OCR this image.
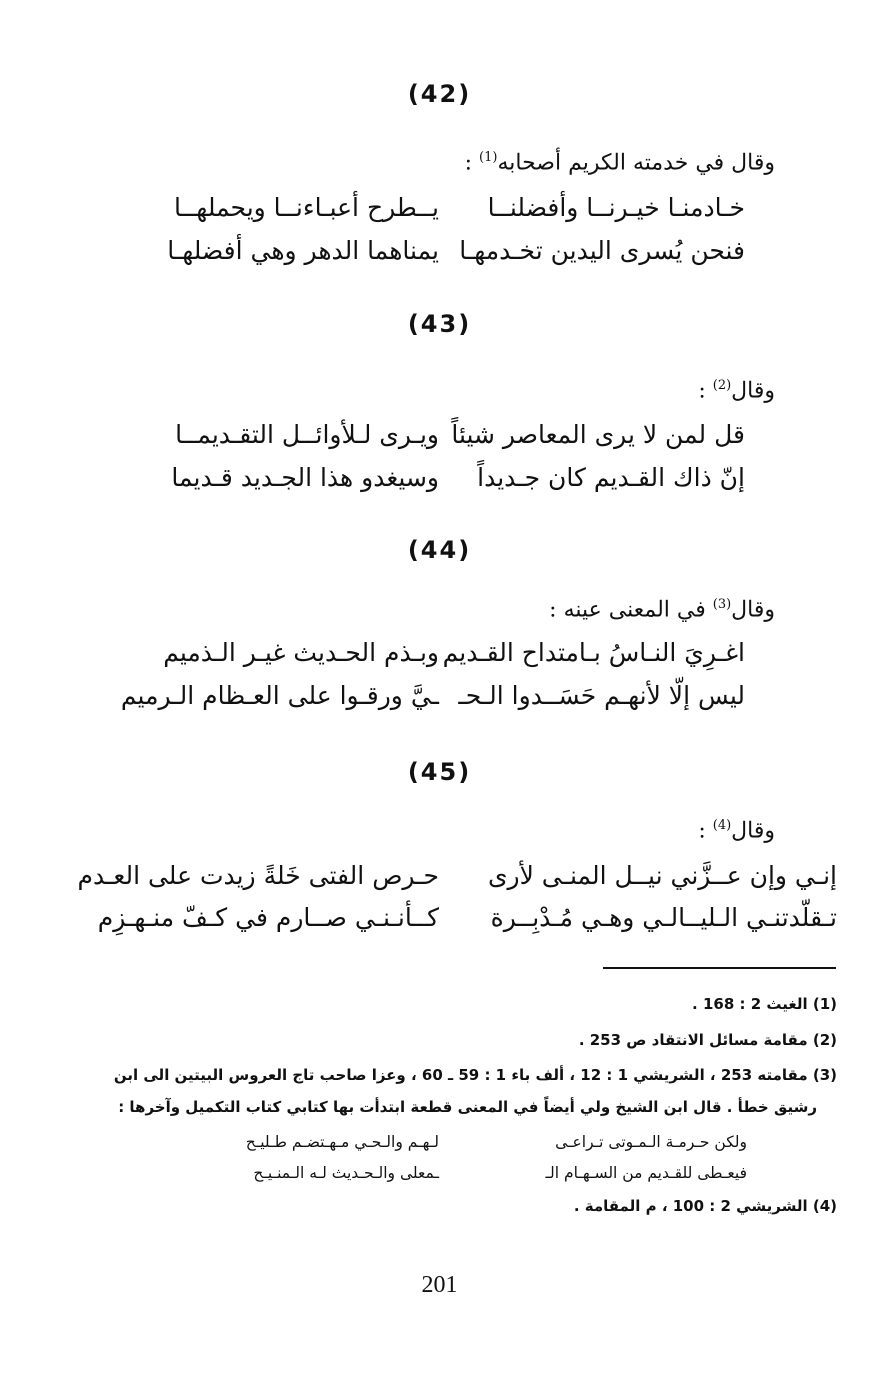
(42)
وقال في خدمته الكريم أصحابه$^{(1)}$ :
خـادمنـا خيـرنــا وأفضلنــا
يــطرح أعبـاءنــا ويحملهــا
فنحن يُسرى اليدين تخـدمهـا
يمناهما الدهر وهي أفضلهـا
(43)
وقال$^{(2)}$ :
قل لمن لا يرى المعاصر شيئاً
ويـرى لـلأوائــل التقـديمــا
إنّ ذاك القـديم كان جـديداً
وسيغدو هذا الجـديد قـديما
(44)
وقال$^{(3)}$ في المعنى عينه :
اغـرِيَ النـاسُ بـامتداح القـديم
وبـذم الحـديث غيـر الـذميم
ليس إلّا لأنهـم حَسَــدوا الـحـ
ـيَّ ورقـوا على العـظام الـرميم
(45)
وقال$^{(4)}$ :
إنـي وإن عــزَّني نيــل المنـى لأرى
حـرص الفتى خَلةً زيدت على العـدم
تـقلّدتنـي الـليــالـي وهـي مُـدْبِــرة
كــأنـنـي صــارم في كـفّ منـهـزِم
(1) الغيث 2 : 168 .
(2) مقامة مسائل الانتقاد ص 253 .
(3) مقامته 253 ، الشريشي 1 : 12 ، ألف باء 1 : 59 ـ 60 ، وعزا صاحب تاج العروس البيتين الى ابن
رشيق خطأ . قال ابن الشيخ ولي أيضاً في المعنى قطعة ابتدأت بها كتابي كتاب التكميل وآخرها :
ولكن حـرمـة الـمـوتى تـراعـى
لـهـم والـحـي مـهـتضـم طـليـح
فيعـطى للقـديم من السـهـام الـ
ـمعلى والـحـديث لـه الـمنـيـح
(4) الشريشي 2 : 100 ، م المقامة .
201
